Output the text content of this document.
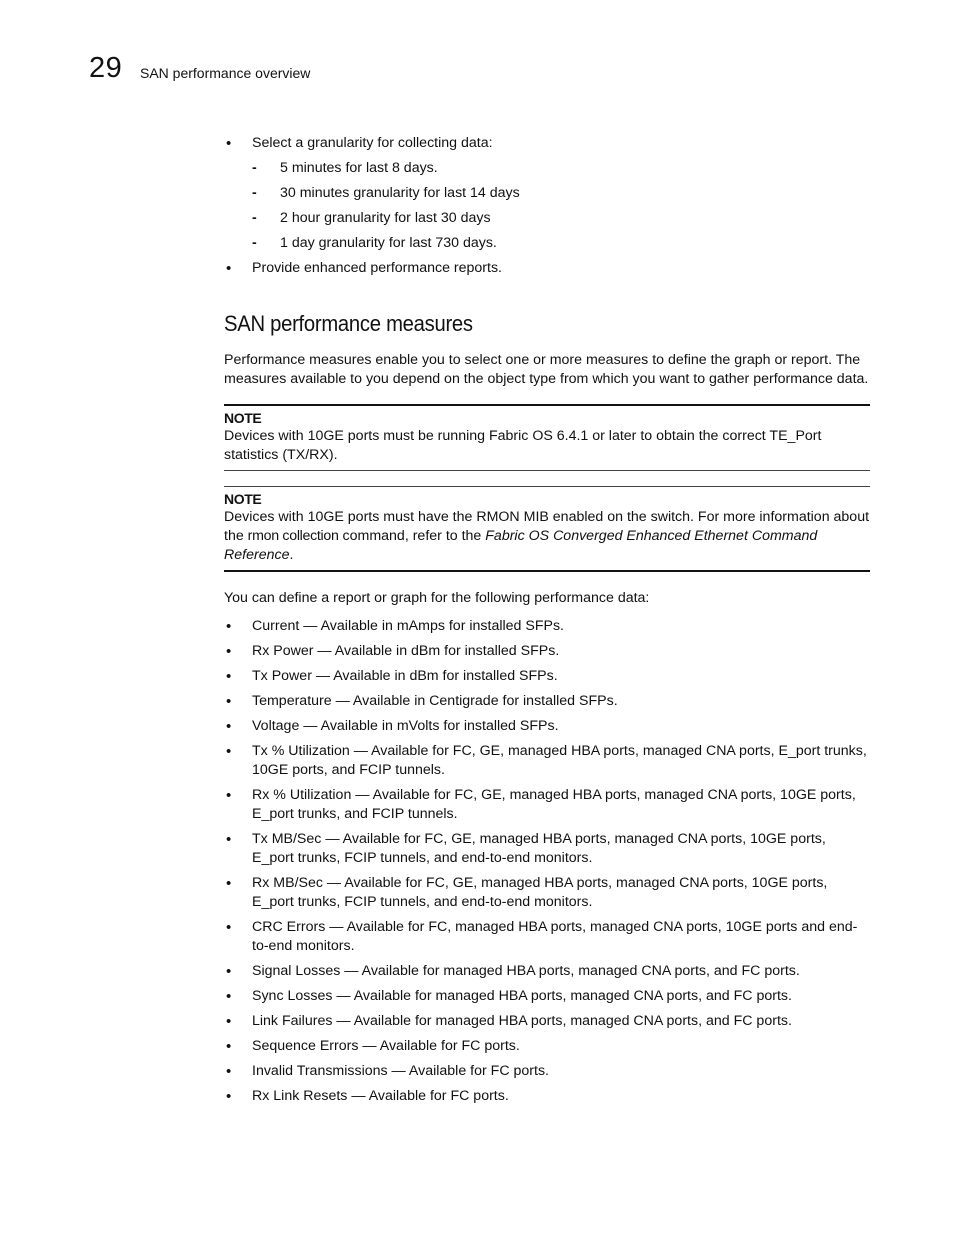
29 SAN performance overview
• Select a granularity for collecting data:
- 5 minutes for last 8 days.
- 30 minutes granularity for last 14 days
- 2 hour granularity for last 30 days
- 1 day granularity for last 730 days.
• Provide enhanced performance reports.
SAN performance measures

Performance measures enable you to select one or more measures to define the graph or report. The measures available to you depend on the object type from which you want to gather performance data.

NOTE

Devices with 10GE ports must be running Fabric OS 6.4.1 or later to obtain the correct TE_Port statistics (TX/RX).

NOTE

Devices with 10GE ports must have the RMON MIB enabled on the switch. For more information about the rmon collection command, refer to the Fabric OS Converged Enhanced Ethernet Command Reference.

You can define a report or graph for the following performance data:

• Current — Available in mAmps for installed SFPs.
• Rx Power — Available in dBm for installed SFPs.
• Tx Power — Available in dBm for installed SFPs.
• Temperature — Available in Centigrade for installed SFPs.
• Voltage — Available in mVolts for installed SFPs.
• Tx % Utilization — Available for FC, GE, managed HBA ports, managed CNA ports, E_port trunks, 10GE ports, and FCIP tunnels.
• Rx % Utilization — Available for FC, GE, managed HBA ports, managed CNA ports, 10GE ports, E_port trunks, and FCIP tunnels.
• Tx MB/Sec — Available for FC, GE, managed HBA ports, managed CNA ports, 10GE ports, E_port trunks, FCIP tunnels, and end-to-end monitors.
• Rx MB/Sec — Available for FC, GE, managed HBA ports, managed CNA ports, 10GE ports, E_port trunks, FCIP tunnels, and end-to-end monitors.
• CRC Errors — Available for FC, managed HBA ports, managed CNA ports, 10GE ports and end-to-end monitors.
• Signal Losses — Available for managed HBA ports, managed CNA ports, and FC ports.
• Sync Losses — Available for managed HBA ports, managed CNA ports, and FC ports.
• Link Failures — Available for managed HBA ports, managed CNA ports, and FC ports.
• Sequence Errors — Available for FC ports.
• Invalid Transmissions — Available for FC ports.
• Rx Link Resets — Available for FC ports.
